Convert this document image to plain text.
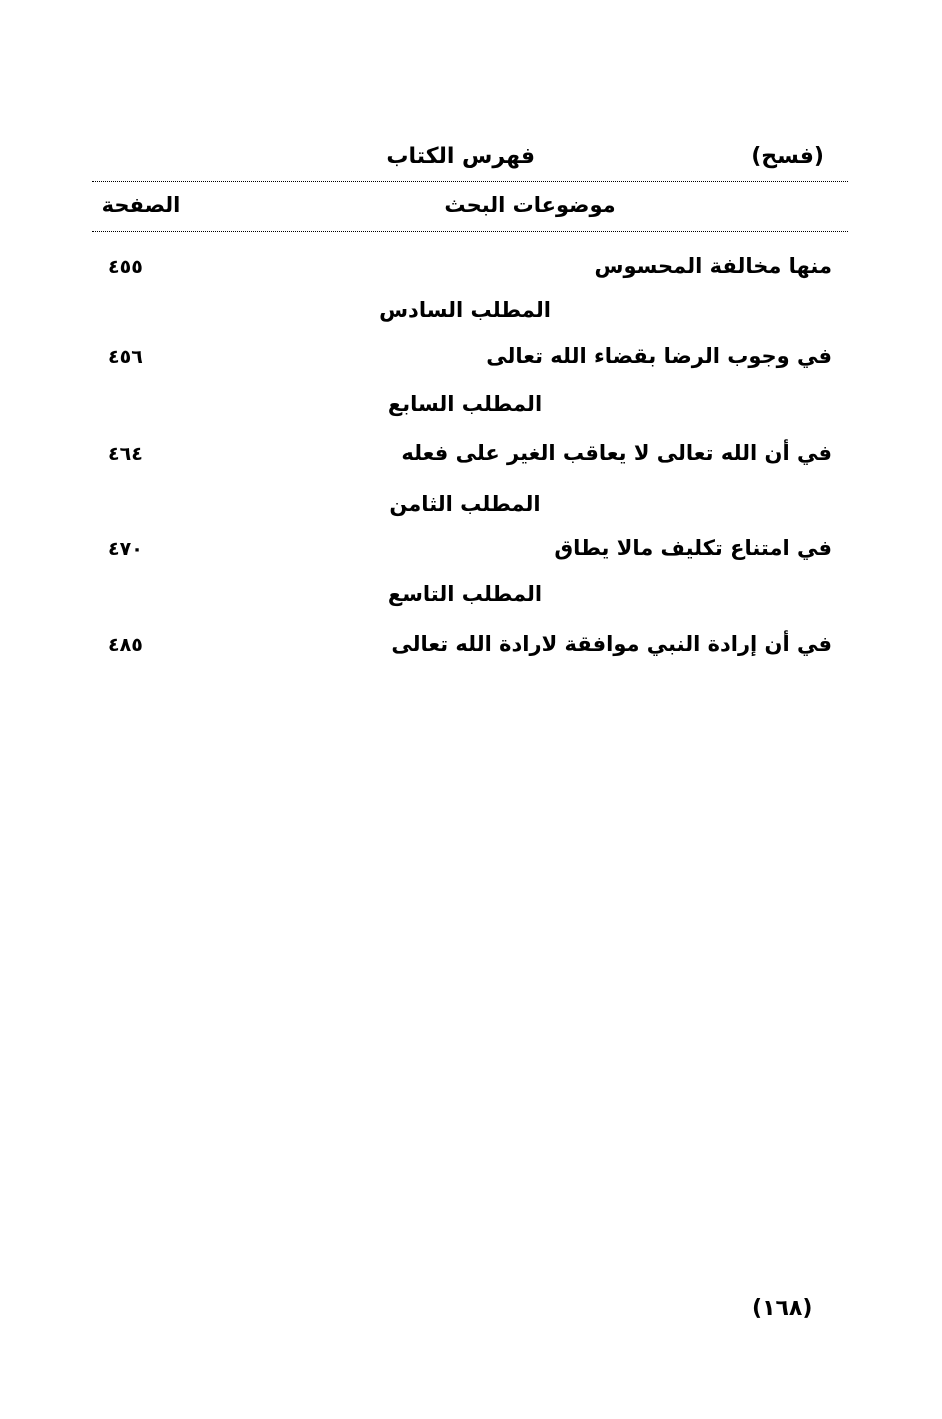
(فسح)
فهرس الكتاب
موضوعات البحث
الصفحة
منها مخالفة المحسوس
٤٥٥
المطلب السادس
في وجوب الرضا بقضاء الله تعالى
٤٥٦
المطلب السابع
في أن الله تعالى لا يعاقب الغير على فعله
٤٦٤
المطلب الثامن
في امتناع تكليف مالا يطاق
٤٧٠
المطلب التاسع
في أن إرادة النبي موافقة لارادة الله تعالى
٤٨٥
(١٦٨)
